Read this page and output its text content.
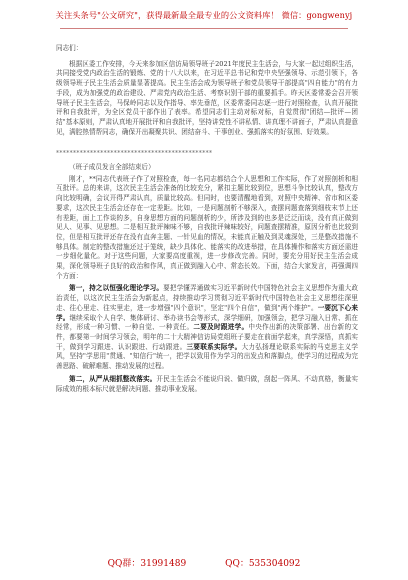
关注头条号"公文研究"，获得最新最全最专业的公文资料库！ 微信：gongwenyj

同志们：

根据区委工作安排，今天来参加区信访局领导班子2021年度民主生活会，与大家一起过组织生活，共同接受党内政治生活的锻炼、党的十八大以来，在习近平总书记和党中央坚强领导、示范引领下，各级领导班子民主生活会质量显著提高。民主生活会成为领导班子和党员领导干部提高"四自能力"的有力手段，成为加强党的政治建设、严肃党内政治生活、考察识别干部的重要抓手。昨天区委常委会召开领导班子民主生活会，马保岭同志以及作指导、率先垂范，区委常委同志逐一进行对照检查，认真开展批评和自我批评，为全区党员干部作出了表率。希望同志们主动对标对标，自觉贯彻"团结—批评—团结"基本原则，严肃认真地开展批评和自我批评，坚持讲党性不讲私情、讲真理不讲面子，严肃认真提意见，满腔热情帮同志，确保开出凝聚共识、团结奋斗、干事创业、强抓落实的好氛围、好效果。

**********************************************

（班子成员发言全部结束后）

刚才，**同志代表班子作了对照检查，每一名同志都结合个人思想和工作实际，作了对照剖析和相互批评。总的来讲，这次民主生活会准备的比较充分，紧扣主题比较到位，思想斗争比较认真，整改方向比较明确，会议开得严肃认真，质量比较高。但同时，也要清醒地看到，对照中央精神、省市和区委要求，这次民主生活会还存在一定差距。比如，一是问题剖析不够深入，查摆问题查落到细枝末节上还有差距，面上工作谈的多，自身思想方面的问题剖析的少，所涉及到的也多是泛泛而谈，没有真正做到见人、见事、见思想。二是相互批评辣味不够，自我批评辣味较好，问题查摆精准，原因分析也比较到位，但是相互批评还存在没有直奔主题、一针见血的情况，未能真正触及到灵魂深处，三是整改措施不够具体。制定的整改措施还过于笼统，缺少具体化、能落实的改进举措，在具体操作和落实方面还需进一步细化量化。对于这些问题，大家要高度重视，进一步修改完善。同时，要充分用好民主生活会成果，深化领导班子良好的政治和作风，真正做到融入心中、常态长效。下面，结合大家发言，再强调四个方面：

第一，持之以恒强化理论学习。要把学懂弄通做实习近平新时代中国特色社会主义思想作为重大政治责任，以这次民主生活会为新起点，持续推动学习贯彻习近平新时代中国特色社会主义思想往深里走、往心里走、往实里走，进一步增强"四个意识"，坚定"四个自信"，做到"两个维护"。一要沉下心来学。继续采取个人自学、集体研讨、举办读书会等形式，深学细研，加强领会，把学习融入日常、抓在经常，形成一种习惯、一种自觉、一种责任。二要及时跟进学。中央作出新的决策部署、出台新的文件，都要第一时间学习领会，明年的二十大精神信访局党组班子要走在前面学起来，真学深悟，真抓实干，做到学习跟进、认识跟进、行动跟进。三要联系实际学。大力弘扬理论联系实际的马克思主义学风，坚持"学思用"贯通、"知信行"统一，把学以致用作为学习的出发点和落脚点，使学习的过程成为完善思路、破解难题、推动发展的过程。

第二，从严从细抓整改落实。开民主生活会不能说归说、做归做，刮起一阵风、不动真格，衡量实际成效的根本标尺就是解决问题、推动事业发展。

QQ群：31991489	QQ：535304092
